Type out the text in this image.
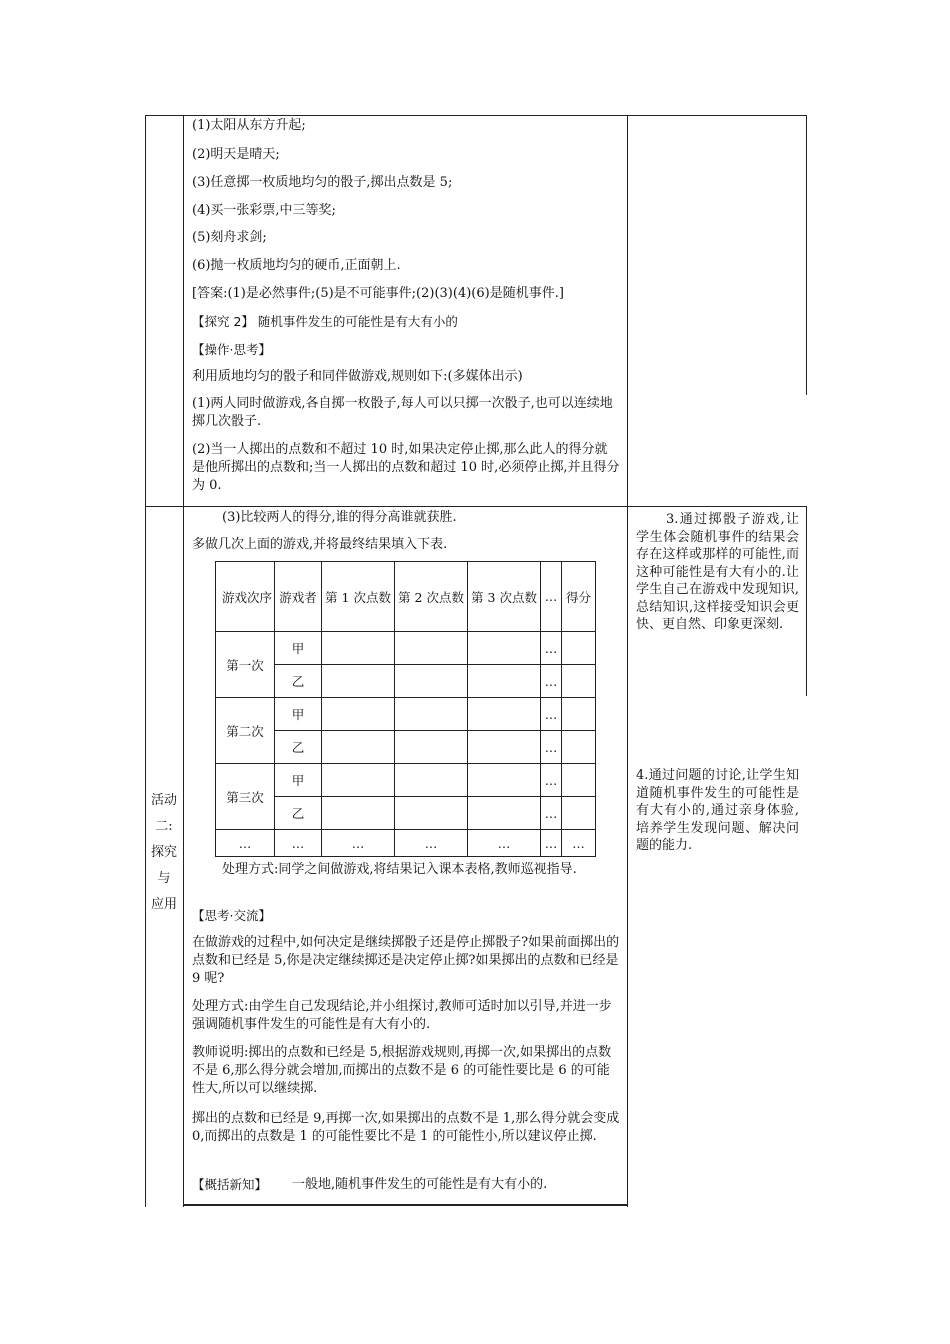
(1)太阳从东方升起;
(2)明天是晴天;
(3)任意掷一枚质地均匀的骰子,掷出点数是 5;
(4)买一张彩票,中三等奖;
(5)刻舟求剑;
(6)抛一枚质地均匀的硬币,正面朝上.
[答案:(1)是必然事件;(5)是不可能事件;(2)(3)(4)(6)是随机事件.]
【探究 2】 随机事件发生的可能性是有大有小的
【操作·思考】
利用质地均匀的骰子和同伴做游戏,规则如下:(多媒体出示)
(1)两人同时做游戏,各自掷一枚骰子,每人可以只掷一次骰子,也可以连续地掷几次骰子.
(2)当一人掷出的点数和不超过 10 时,如果决定停止掷,那么此人的得分就是他所掷出的点数和;当一人掷出的点数和超过 10 时,必须停止掷,并且得分为 0.
活动
二:
探究
与
应用
(3)比较两人的得分,谁的得分高谁就获胜.
多做几次上面的游戏,并将最终结果填入下表.
游戏次序	游戏者	第 1 次点数	第 2 次点数	第 3 次点数	…	得分
第一次	甲				…	
	乙				…	
第二次	甲				…	
	乙				…	
第三次	甲				…	
	乙				…	
…	…	…	…	…	…	…
处理方式:同学之间做游戏,将结果记入课本表格,教师巡视指导.
【思考·交流】
在做游戏的过程中,如何决定是继续掷骰子还是停止掷骰子?如果前面掷出的点数和已经是 5,你是决定继续掷还是决定停止掷?如果掷出的点数和已经是 9 呢?
处理方式:由学生自己发现结论,并小组探讨,教师可适时加以引导,并进一步强调随机事件发生的可能性是有大有小的.
教师说明:掷出的点数和已经是 5,根据游戏规则,再掷一次,如果掷出的点数不是 6,那么得分就会增加,而掷出的点数不是 6 的可能性要比是 6 的可能性大,所以可以继续掷.
掷出的点数和已经是 9,再掷一次,如果掷出的点数不是 1,那么得分就会变成 0,而掷出的点数是 1 的可能性要比不是 1 的可能性小,所以建议停止掷.
【概括新知】 一般地,随机事件发生的可能性是有大有小的.
3.通过掷骰子游戏,让学生体会随机事件的结果会存在这样或那样的可能性,而这种可能性是有大有小的.让学生自己在游戏中发现知识,总结知识,这样接受知识会更快、更自然、印象更深刻.
4.通过问题的讨论,让学生知道随机事件发生的可能性是有大有小的,通过亲身体验,培养学生发现问题、解决问题的能力.
